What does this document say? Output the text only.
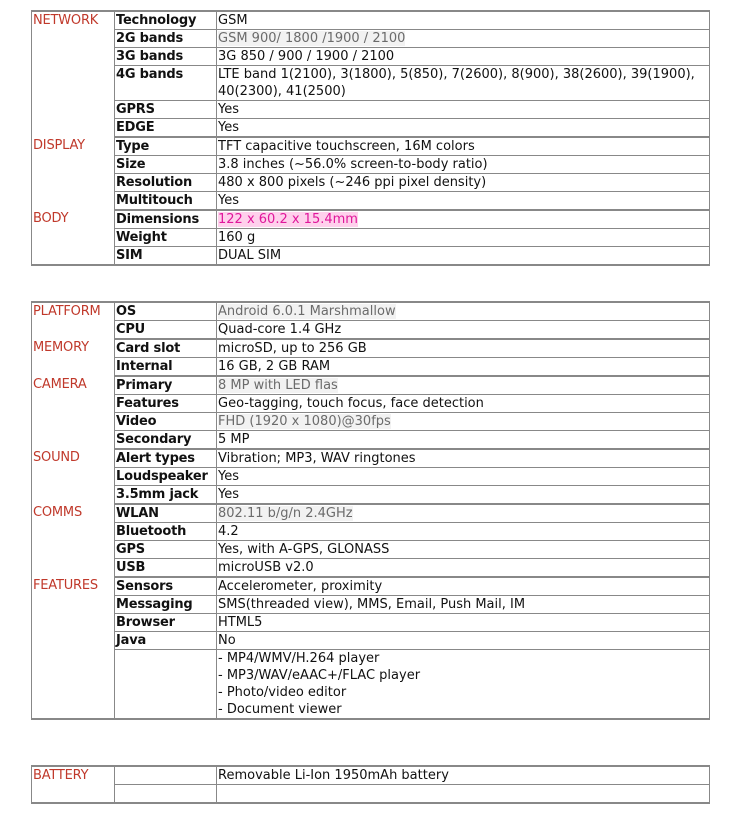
NETWORK	Technology	GSM
	2G bands	GSM 900/ 1800 /1900 / 2100
	3G bands	3G 850 / 900 / 1900 / 2100
	4G bands	LTE band 1(2100), 3(1800), 5(850), 7(2600), 8(900), 38(2600), 39(1900), 40(2300), 41(2500)
	GPRS	Yes
	EDGE	Yes
DISPLAY	Type	TFT capacitive touchscreen, 16M colors
	Size	3.8 inches (~56.0% screen-to-body ratio)
	Resolution	480 x 800 pixels (~246 ppi pixel density)
	Multitouch	Yes
BODY	Dimensions	122 x 60.2 x 15.4mm
	Weight	160 g
	SIM	DUAL SIM
PLATFORM	OS	Android 6.0.1 Marshmallow
	CPU	Quad-core 1.4 GHz
MEMORY	Card slot	microSD, up to 256 GB
	Internal	16 GB, 2 GB RAM
CAMERA	Primary	8 MP with LED flas
	Features	Geo-tagging, touch focus, face detection
	Video	FHD (1920 x 1080)@30fps
	Secondary	5 MP
SOUND	Alert types	Vibration; MP3, WAV ringtones
	Loudspeaker	Yes
	3.5mm jack	Yes
COMMS	WLAN	802.11 b/g/n 2.4GHz
	Bluetooth	4.2
	GPS	Yes, with A-GPS, GLONASS
	USB	microUSB v2.0
FEATURES	Sensors	Accelerometer, proximity
	Messaging	SMS(threaded view), MMS, Email, Push Mail, IM
	Browser	HTML5
	Java	No

		- MP4/WMV/H.264 player
- MP3/WAV/eAAC+/FLAC player
- Photo/video editor
- Document viewer
BATTERY		Removable Li-Ion 1950mAh battery
